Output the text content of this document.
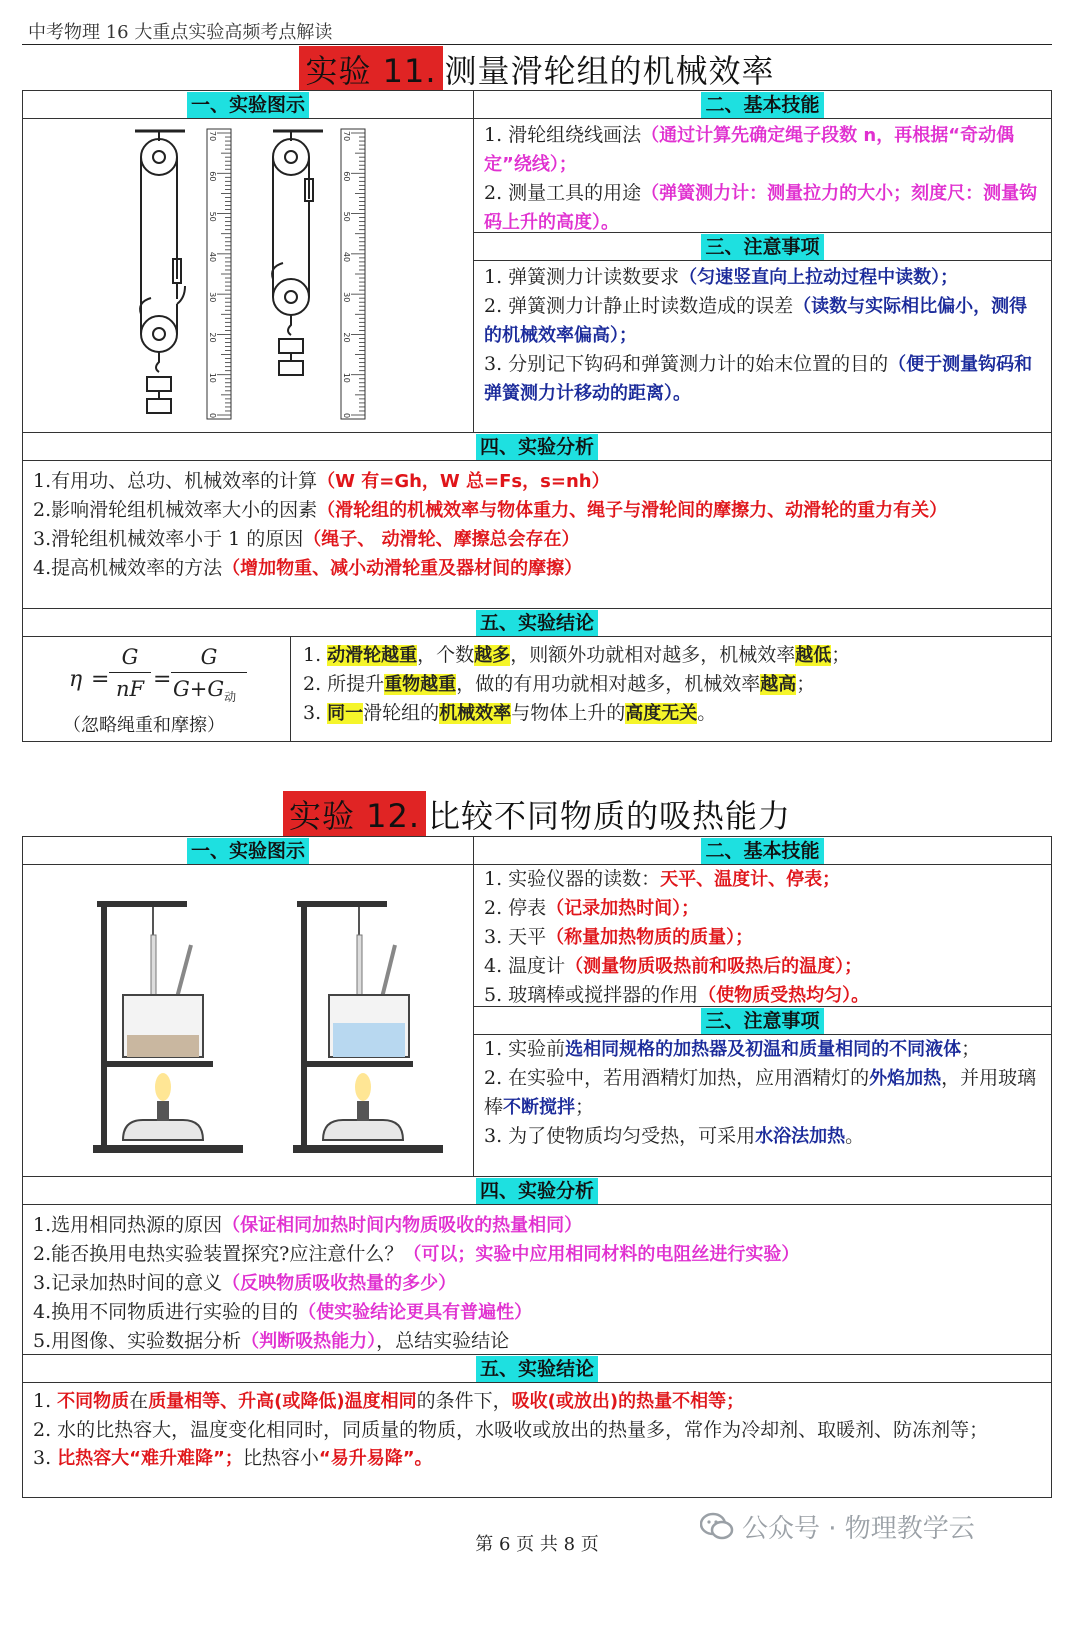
中考物理 16 大重点实验高频考点解读
实验 11. 测量滑轮组的机械效率
一、实验图示
70
60
50
40
30
20
10
0
70
60
50
40
30
20
10
0
二、基本技能

1. 滑轮组绕线画法（通过计算先确定绳子段数 n，再根据“奇动偶定”绕线）；

2. 测量工具的用途（弹簧测力计：测量拉力的大小；刻度尺：测量钩码上升的高度）。

三、注意事项

1. 弹簧测力计读数要求（匀速竖直向上拉动过程中读数）；

2. 弹簧测力计静止时读数造成的误差（读数与实际相比偏小，测得的机械效率偏高）；

3. 分别记下钩码和弹簧测力计的始末位置的目的（便于测量钩码和弹簧测力计移动的距离）。

四、实验分析

1.有用功、总功、机械效率的计算（W 有=Gh，W 总=Fs，s=nh）

2.影响滑轮组机械效率大小的因素（滑轮组的机械效率与物体重力、绳子与滑轮间的摩擦力、动滑轮的重力有关）

3.滑轮组机械效率小于 1 的原因（绳子、 动滑轮、摩擦总会存在）

4.提高机械效率的方法（增加物重、减小动滑轮重及器材间的摩擦）

五、实验结论
η =
G
nF =
G
$G+G_动$
（忽略绳重和摩擦）

1. 动滑轮越重，个数越多，则额外功就相对越多，机械效率越低；

2. 所提升重物越重，做的有用功就相对越多，机械效率越高；

3. 同一滑轮组的机械效率与物体上升的高度无关。

实验 12. 比较不同物质的吸热能力
一、实验图示	二、基本技能

1. 实验仪器的读数：天平、温度计、停表；

2. 停表（记录加热时间）；

3. 天平（称量加热物质的质量）；

4. 温度计（测量物质吸热前和吸热后的温度）；

5. 玻璃棒或搅拌器的作用（使物质受热均匀）。

三、注意事项

1. 实验前选相同规格的加热器及初温和质量相同的不同液体；

2. 在实验中，若用酒精灯加热，应用酒精灯的外焰加热，并用玻璃棒不断搅拌；

3. 为了使物质均匀受热，可采用水浴法加热。

四、实验分析

1.选用相同热源的原因（保证相同加热时间内物质吸收的热量相同）

2.能否换用电热实验装置探究?应注意什么？（可以；实验中应用相同材料的电阻丝进行实验）

3.记录加热时间的意义（反映物质吸收热量的多少）

4.换用不同物质进行实验的目的（使实验结论更具有普遍性）

5.用图像、实验数据分析（判断吸热能力），总结实验结论

五、实验结论

1. 不同物质在质量相等、升高(或降低)温度相同的条件下，吸收(或放出)的热量不相等；

2. 水的比热容大，温度变化相同时，同质量的物质，水吸收或放出的热量多，常作为冷却剂、取暖剂、防冻剂等；

3. 比热容大“难升难降”；比热容小“易升易降”。

第 6 页 共 8 页
公众号 · 物理教学云
